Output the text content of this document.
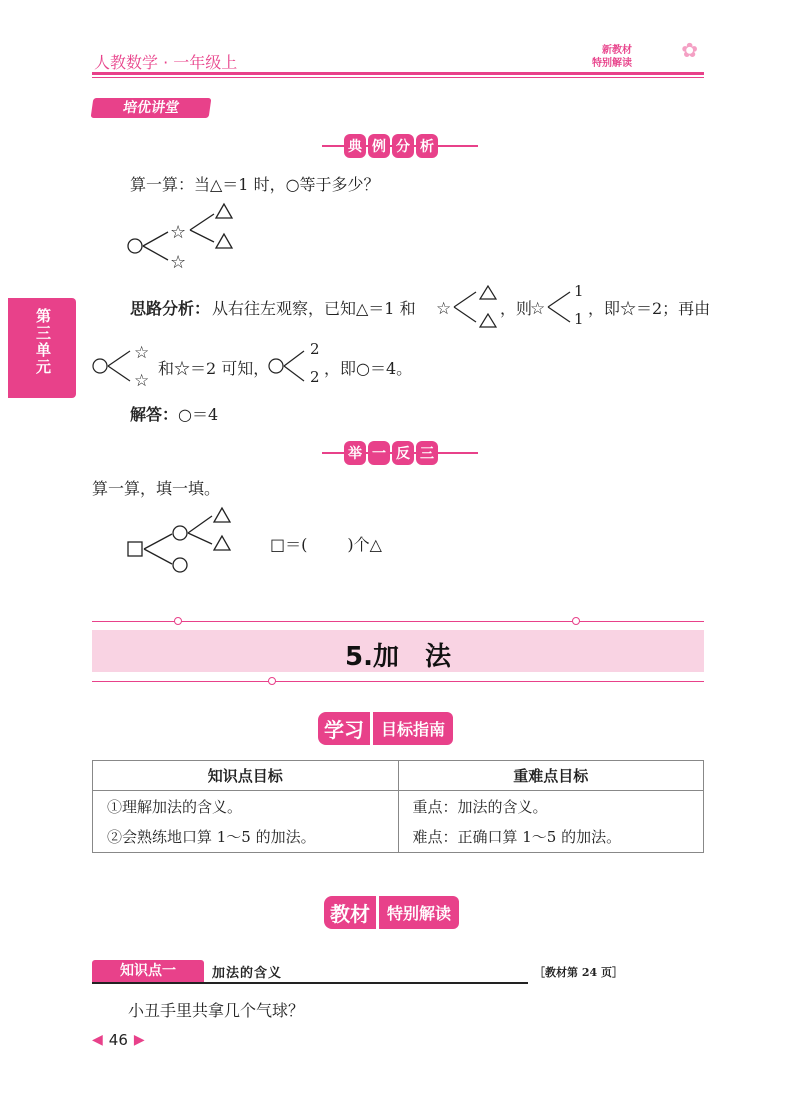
人教数学 · 一年级上
✿
新教材
特别解读
第三单元
培优讲堂
典 例 分 析
算一算：当△＝1 时，○等于多少？
☆
☆
思路分析： 从右往左观察，已知△＝1 和 ☆	，则
☆
1
1
，即☆＝2；再由
☆
☆
和☆＝2 可知，
2
2 ，即○＝4。
解答：○＝4
举 一 反 三
算一算，填一填。
□＝(	)个△
5.加　法
学习	目标指南
知识点目标	重难点目标
①理解加法的含义。	重点：加法的含义。
②会熟练地口算 1～5 的加法。	难点：正确口算 1～5 的加法。
教材	特别解读
知识点一	加法的含义	［教材第 24 页］
小丑手里共拿几个气球？
◀ 46 ▶
